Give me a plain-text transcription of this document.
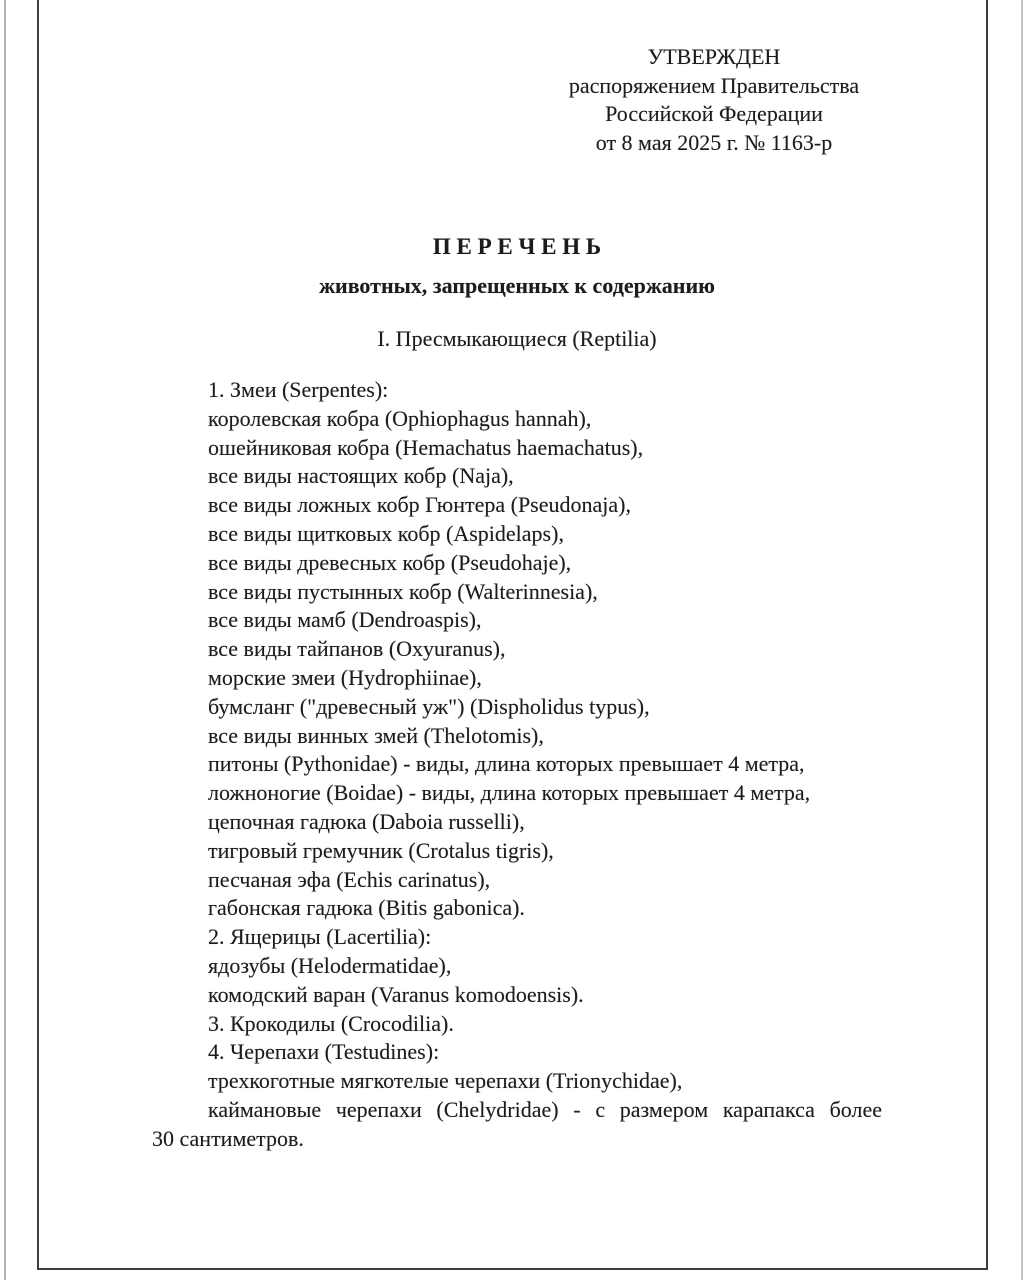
УТВЕРЖДЕН
распоряжением Правительства
Российской Федерации
от 8 мая 2025 г. № 1163-р
П Е Р Е Ч Е Н Ь
животных, запрещенных к содержанию
I. Пресмыкающиеся (Reptilia)
1. Змеи (Serpentes):
королевская кобра (Ophiophagus hannah),
ошейниковая кобра (Hemachatus haemachatus),
все виды настоящих кобр (Naja),
все виды ложных кобр Гюнтера (Pseudonaja),
все виды щитковых кобр (Aspidelaps),
все виды древесных кобр (Pseudohaje),
все виды пустынных кобр (Walterinnesia),
все виды мамб (Dendroaspis),
все виды тайпанов (Oxyuranus),
морские змеи (Hydrophiinae),
бумсланг ("древесный уж") (Dispholidus typus),
все виды винных змей (Thelotomis),
питоны (Pythonidae) - виды, длина которых превышает 4 метра,
ложноногие (Boidae) - виды, длина которых превышает 4 метра,
цепочная гадюка (Daboia russelli),
тигровый гремучник (Crotalus tigris),
песчаная эфа (Echis carinatus),
габонская гадюка (Bitis gabonica).
2. Ящерицы (Lacertilia):
ядозубы (Helodermatidae),
комодский варан (Varanus komodoensis).
3. Крокодилы (Crocodilia).
4. Черепахи (Testudines):
трехкоготные мягкотелые черепахи (Trionychidae),
каймановые черепахи (Chelydridae) - с размером карапакса более
30 сантиметров.
